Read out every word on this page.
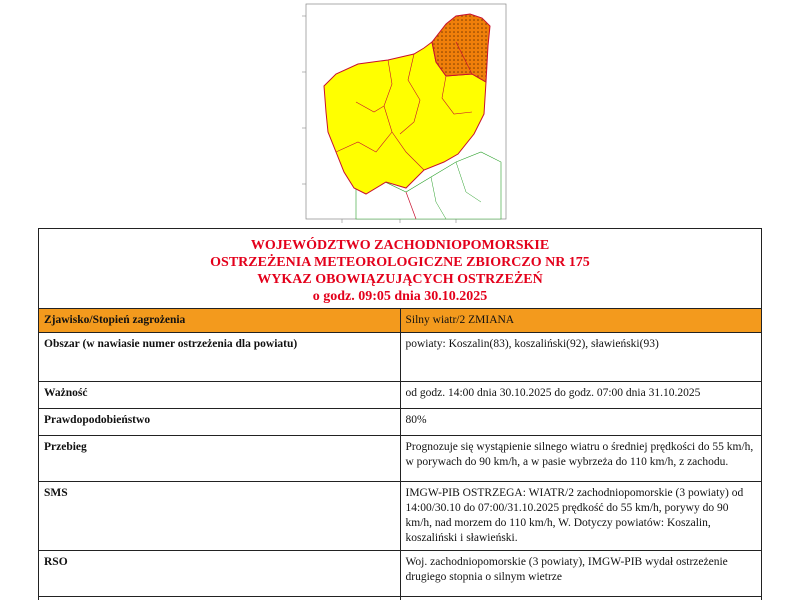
WOJEWÓDZTWO ZACHODNIOPOMORSKIE
OSTRZEŻENIA METEOROLOGICZNE ZBIORCZO NR 175
WYKAZ OBOWIĄZUJĄCYCH OSTRZEŻEŃ
o godz. 09:05 dnia 30.10.2025	

Zjawisko/Stopień zagrożenia	Silny wiatr/2 ZMIANA
Obszar (w nawiasie numer ostrzeżenia dla powiatu)	powiaty: Koszalin(83), koszaliński(92), sławieński(93)
Ważność	od godz. 14:00 dnia 30.10.2025 do godz. 07:00 dnia 31.10.2025
Prawdopodobieństwo	80%
Przebieg	Prognozuje się wystąpienie silnego wiatru o średniej prędkości do 55 km/h, w porywach do 90 km/h, a w pasie wybrzeża do 110 km/h, z zachodu.
SMS	IMGW-PIB OSTRZEGA: WIATR/2 zachodniopomorskie (3 powiaty) od 14:00/30.10 do 07:00/31.10.2025 prędkość do 55 km/h, porywy do 90 km/h, nad morzem do 110 km/h, W. Dotyczy powiatów: Koszalin, koszaliński i sławieński.
RSO	Woj. zachodniopomorskie (3 powiaty), IMGW-PIB wydał ostrzeżenie drugiego stopnia o silnym wietrze
